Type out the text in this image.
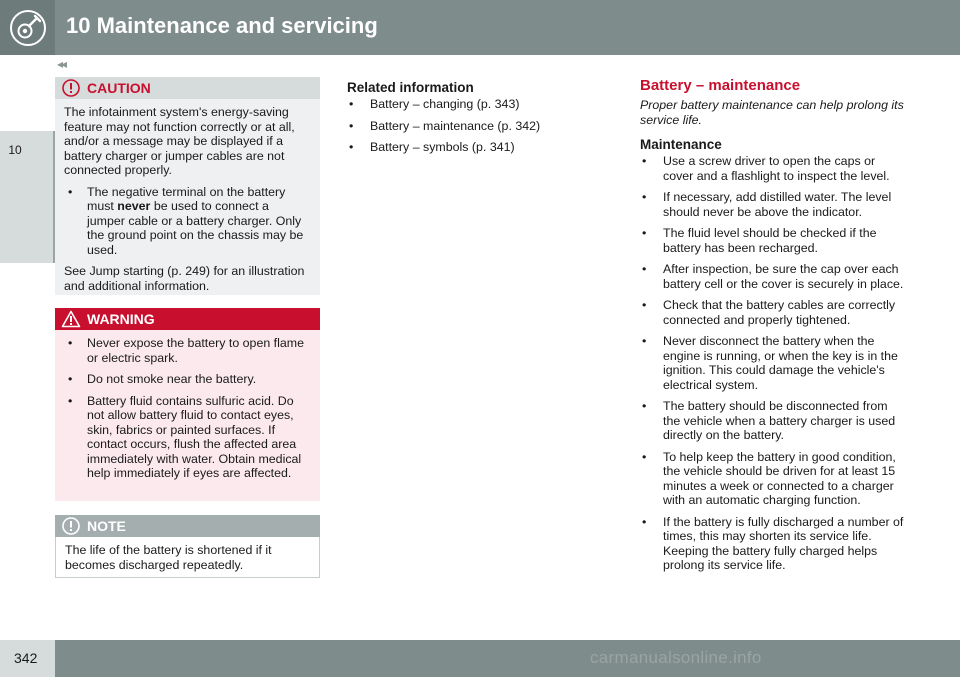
10 Maintenance and servicing
10
◂◂
CAUTION

The infotainment system's energy-saving feature may not function correctly or at all, and/or a message may be displayed if a battery charger or jumper cables are not connected properly.

• The negative terminal on the battery must never be used to connect a jumper cable or a battery charger. Only the ground point on the chassis may be used.

See Jump starting (p. 249) for an illustration and additional information.

WARNING
• Never expose the battery to open flame or electric spark.
• Do not smoke near the battery.
• Battery fluid contains sulfuric acid. Do not allow battery fluid to contact eyes, skin, fabrics or painted surfaces. If contact occurs, flush the affected area immediately with water. Obtain medical help immediately if eyes are affected.
NOTE

The life of the battery is shortened if it becomes discharged repeatedly.

Related information
• Battery – changing (p. 343)
• Battery – maintenance (p. 342)
• Battery – symbols (p. 341)
Battery – maintenance
Proper battery maintenance can help prolong its service life.
Maintenance
• Use a screw driver to open the caps or cover and a flashlight to inspect the level.
• If necessary, add distilled water. The level should never be above the indicator.
• The fluid level should be checked if the battery has been recharged.
• After inspection, be sure the cap over each battery cell or the cover is securely in place.
• Check that the battery cables are correctly connected and properly tightened.
• Never disconnect the battery when the engine is running, or when the key is in the ignition. This could damage the vehicle's electrical system.
• The battery should be disconnected from the vehicle when a battery charger is used directly on the battery.
• To help keep the battery in good condition, the vehicle should be driven for at least 15 minutes a week or connected to a charger with an automatic charging function.
• If the battery is fully discharged a number of times, this may shorten its service life. Keeping the battery fully charged helps prolong its service life.
342	carmanualsonline.info
